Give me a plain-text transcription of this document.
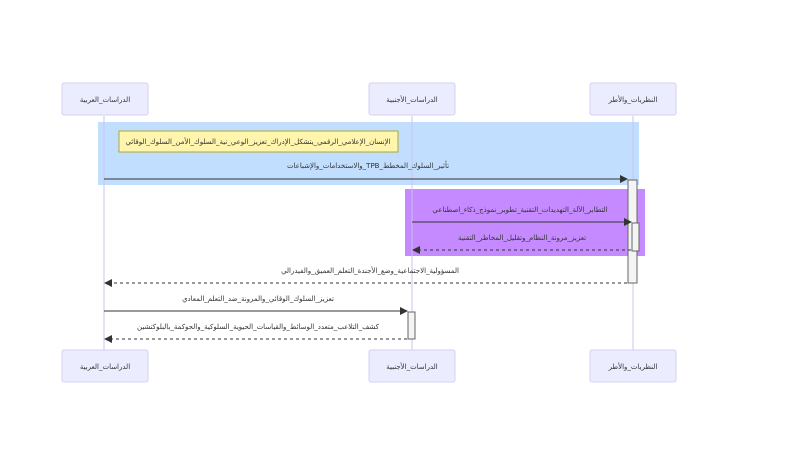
الدراسات_العربية	الدراسات_الأجنبية	النظريات_والأطر
الدراسات_العربية	الدراسات_الأجنبية	النظريات_والأطر
الإنسان_الإعلامي_الرقمي_يتشكل_الإدراك_تعزيز_الوعي_نية_السلوك_الأمن_السلوك_الوقائي
والاستخدامات_والإشباعات_TPB_تأثير_السلوك_المخطط
التطابر_الآلة_التهديدات_التقنية_تطوير_نموذج_ذكاء_اصطناعي
تعزيز_مرونة_النظام_وتقليل_المخاطر_التقنية
المسؤولية_الاجتماعية_وضع_الأجندة_التعلم_العميق_والفيدرالي
تعزيز_السلوك_الوقائي_والمرونة_ضد_التعلم_المعادي
كشف_التلاعب_متعدد_الوسائط_والقياسات_الحيوية_السلوكية_والحوكمة_بالبلوكتشين
